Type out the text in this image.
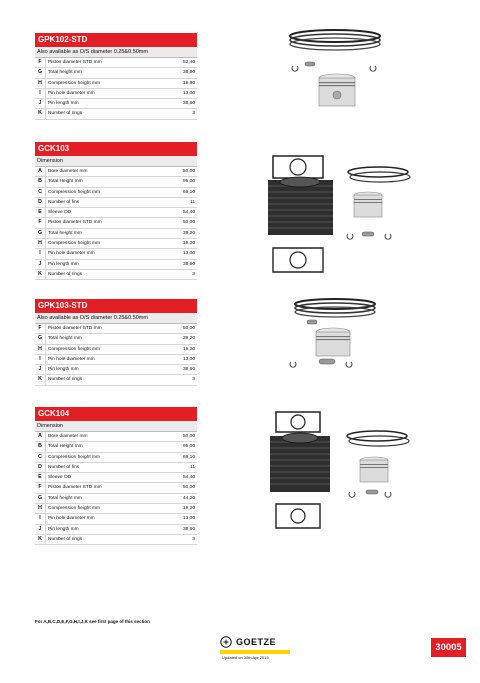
GPK102-STD
Also available as O/S diameter 0.25&0.50mm
F	Piston diameter STD mm	52,40
G	Total height mm	38,80
H	Compression height mm	19,80
I	Pin hole diameter mm	13,00
J	Pin length mm	38,60
K	Number of rings	3
GCK103
Dimension
A	Bore diameter mm	50,00
B	Total Height mm	95,00
C	Compression height mm	69,10
D	Number of fins	11
E	Sleeve OD	54,40
F	Piston diameter STD mm	50,00
G	Total height mm	39,20
H	Compression height mm	19,20
I	Pin hole diameter mm	13,00
J	Pin length mm	38,60
K	Number of rings	3
GPK103-STD
Also available as O/S diameter 0.25&0.50mm
F	Piston diameter STD mm	50,00
G	Total height mm	39,20
H	Compression height mm	19,20
I	Pin hole diameter mm	13,00
J	Pin length mm	38,60
K	Number of rings	3
GCK104
Dimension
A	Bore diameter mm	50,00
B	Total Height mm	95,00
C	Compression height mm	69,10
D	Number of fins	11
E	Sleeve OD	54,40
F	Piston diameter STD mm	50,00
G	Total height mm	44,20
H	Compression height mm	19,20
I	Pin hole diameter mm	13,00
J	Pin length mm	38,60
K	Number of rings	3
For A,B,C,D,E,F,G,H,I,J,K see first page of this section
GOETZE
Updated on 30th Apr 2019
30005
